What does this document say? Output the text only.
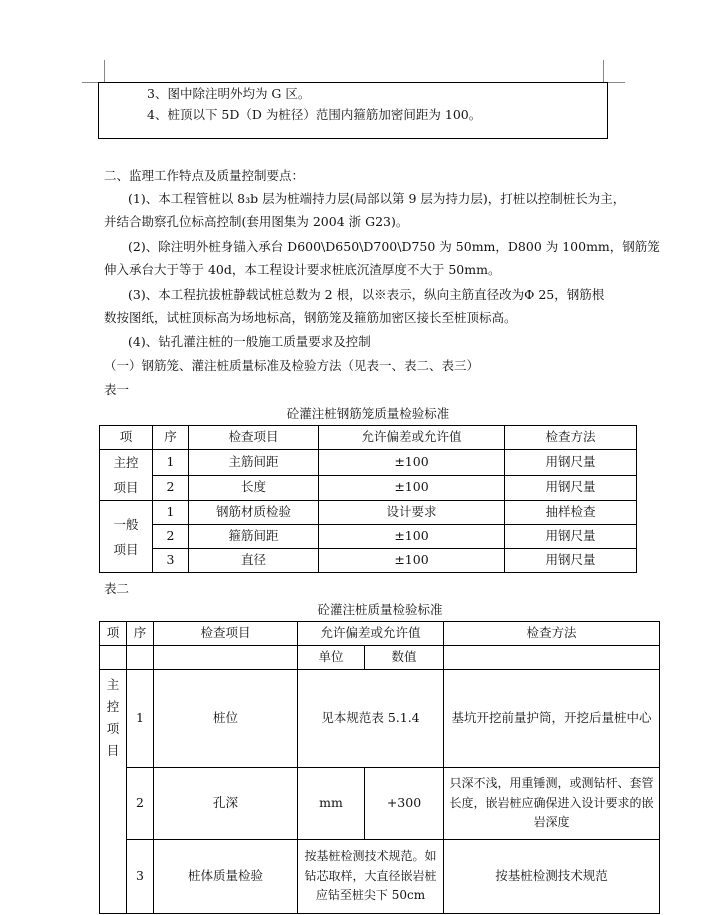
3、图中除注明外均为 G 区。
4、桩顶以下 5D（D 为桩径）范围内箍筋加密间距为 100。
二、监理工作特点及质量控制要点：
(1)、本工程管桩以 8₃b 层为桩端持力层(局部以第 9 层为持力层)，打桩以控制桩长为主，
并结合勘察孔位标高控制(套用图集为 2004 浙 G23)。
(2)、除注明外桩身锚入承台 D600\D650\D700\D750 为 50mm，D800 为 100mm，钢筋笼
伸入承台大于等于 40d，本工程设计要求桩底沉渣厚度不大于 50mm。
(3)、本工程抗拔桩静载试桩总数为 2 根，以※表示，纵向主筋直径改为Φ 25，钢筋根
数按图纸，试桩顶标高为场地标高，钢筋笼及箍筋加密区接长至桩顶标高。
(4)、钻孔灌注桩的一般施工质量要求及控制
（一）钢筋笼、灌注桩质量标准及检验方法（见表一、表二、表三）
表一
砼灌注桩钢筋笼质量检验标准
项	序	检查项目	允许偏差或允许值	检查方法
主控
项目	1	主筋间距	±100	用钢尺量
	2	长度	±100	用钢尺量
一般
项目	1	钢筋材质检验	设计要求	抽样检查
	2	箍筋间距	±100	用钢尺量
	3	直径	±100	用钢尺量
表二
砼灌注桩质量检验标准
项	序	检查项目	允许偏差或允许值		检查方法
			单位	数值	
主
控
项
目	1	桩位	见本规范表 5.1.4		基坑开挖前量护筒，开挖后量桩中心
	2	孔深	mm	+300	只深不浅，用重锤测，或测钻杆、套管长度，嵌岩桩应确保进入设计要求的嵌岩深度
	3	桩体质量检验	按基桩检测技术规范。如钻芯取样，大直径嵌岩桩应钻至桩尖下 50cm		按基桩检测技术规范
